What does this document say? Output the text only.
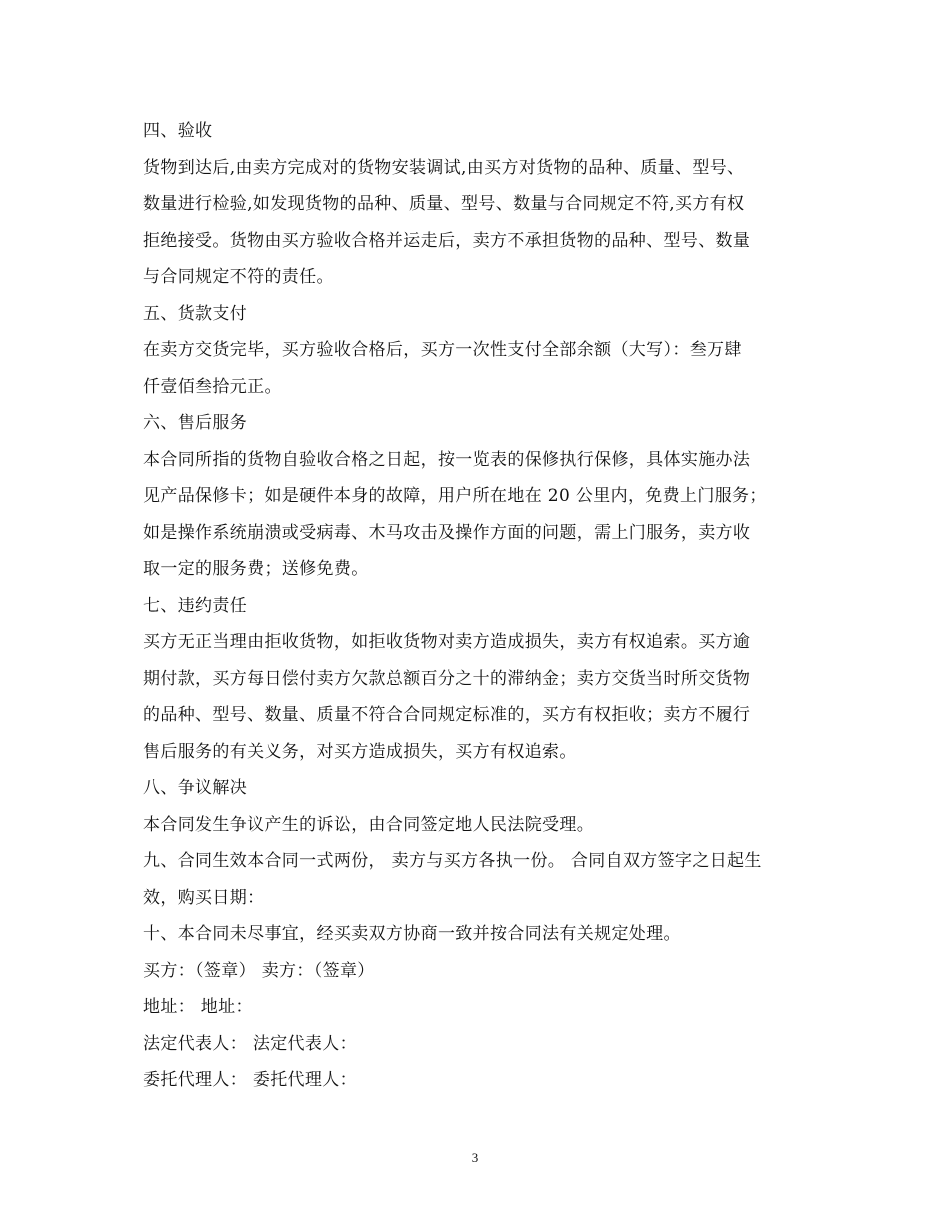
四、验收
货物到达后,由卖方完成对的货物安装调试,由买方对货物的品种、质量、型号、
数量进行检验,如发现货物的品种、质量、型号、数量与合同规定不符,买方有权
拒绝接受。货物由买方验收合格并运走后，卖方不承担货物的品种、型号、数量
与合同规定不符的责任。
五、货款支付
在卖方交货完毕，买方验收合格后，买方一次性支付全部余额（大写）：叁万肆
仟壹佰叁拾元正。
六、售后服务
本合同所指的货物自验收合格之日起，按一览表的保修执行保修，具体实施办法
见产品保修卡；如是硬件本身的故障，用户所在地在 20 公里内，免费上门服务；
如是操作系统崩溃或受病毒、木马攻击及操作方面的问题，需上门服务，卖方收
取一定的服务费；送修免费。
七、违约责任
买方无正当理由拒收货物，如拒收货物对卖方造成损失，卖方有权追索。买方逾
期付款，买方每日偿付卖方欠款总额百分之十的滞纳金；卖方交货当时所交货物
的品种、型号、数量、质量不符合合同规定标准的，买方有权拒收；卖方不履行
售后服务的有关义务，对买方造成损失，买方有权追索。
八、争议解决
本合同发生争议产生的诉讼，由合同签定地人民法院受理。
九、合同生效本合同一式两份， 卖方与买方各执一份。 合同自双方签字之日起生
效，购买日期：
十、本合同未尽事宜，经买卖双方协商一致并按合同法有关规定处理。
买方：（签章） 卖方：（签章）
地址： 地址：
法定代表人： 法定代表人：
委托代理人： 委托代理人：
3
